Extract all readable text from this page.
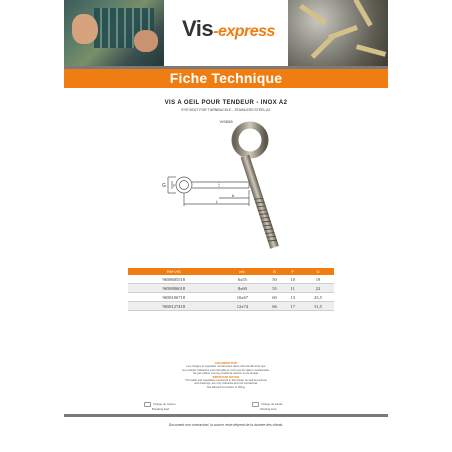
Vis-express
Fiche Technique
VIS A OEIL POUR TENDEUR - INOX A2
EYE BOLT FOR TURNBUCKLE - STAINLESS STEEL A2
VIS658
G F
b
L
Réf VIS	ext.	B	F	G
9658605518	6x55	50	10	19
9658806018	8x60	55	11	22
9658106718	10x67	60	13	25,5
9658127418	12x74	66	17	31,5
AVIS IMPORTANT
Les charges et capacités mentionnées dans cette famille ainsi que
les produits d'attaches sont intimable et n'ont pas de valeur contractuelle.
Ne pas utiliser comme produit de traction ou de levage.
IMPORTANT NOTICE
The loads and capacities mentioned in this family, as well as pictures
and drawings, are only indicative and not contractual.
Not allowed for traction or lifting.
Charge de rupture
Breaking load
Charge de travail
Working load
Document non contractuel, la source reste dépend de la donnée des clients.
